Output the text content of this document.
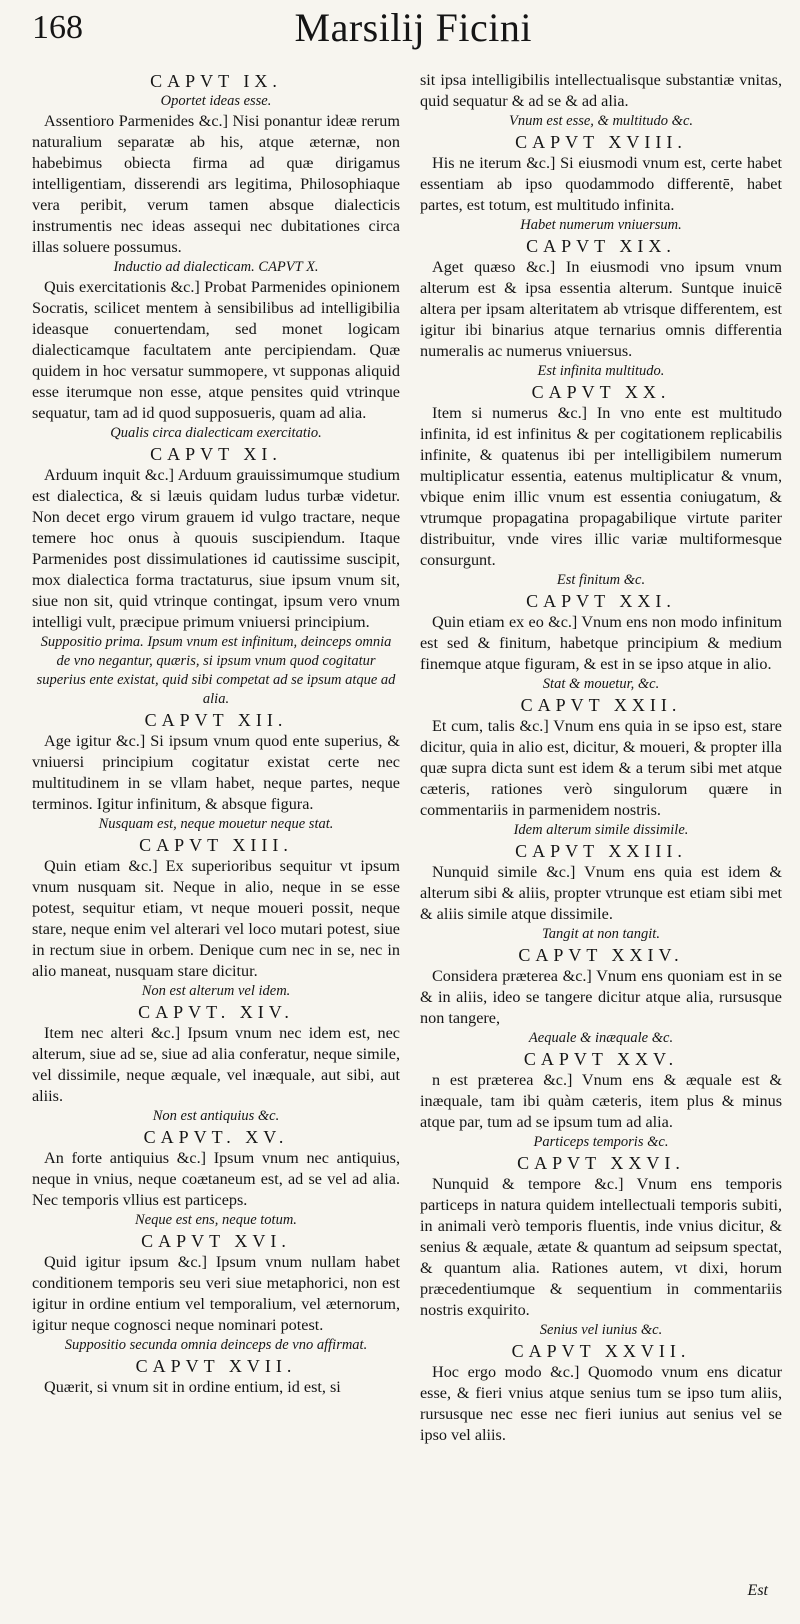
168	Marsilij Ficini
CAPVT IX.
Oportet ideas esse.

Assentioro Parmenides &c.] Nisi ponantur ideæ rerum naturalium separatæ ab his, atque æternæ, non habebimus obiecta firma ad quæ dirigamus intelligentiam, disserendi ars legitima, Philosophiaque vera peribit, verum tamen absque dialecticis instrumentis nec ideas assequi nec dubitationes circa illas soluere possumus.

Inductio ad dialecticam. CAPVT X.

Quis exercitationis &c.] Probat Parmenides opinionem Socratis, scilicet mentem à sensibilibus ad intelligibilia ideasque conuertendam, sed monet logicam dialecticamque facultatem ante percipiendam. Quæ quidem in hoc versatur summopere, vt supponas aliquid esse iterumque non esse, atque pensites quid vtrinque sequatur, tam ad id quod supposueris, quam ad alia.

Qualis circa dialecticam exercitatio.
CAPVT XI.

Arduum inquit &c.] Arduum grauissimumque studium est dialectica, & si læuis quidam ludus turbæ videtur. Non decet ergo virum grauem id vulgo tractare, neque temere hoc onus à quouis suscipiendum. Itaque Parmenides post dissimulationes id cautissime suscipit, mox dialectica forma tractaturus, siue ipsum vnum sit, siue non sit, quid vtrinque contingat, ipsum vero vnum intelligi vult, præcipue primum vniuersi principium.

Suppositio prima. Ipsum vnum est infinitum, deinceps omnia de vno negantur, quæris, si ipsum vnum quod cogitatur superius ente existat, quid sibi competat ad se ipsum atque ad alia.
CAPVT XII.

Age igitur &c.] Si ipsum vnum quod ente superius, & vniuersi principium cogitatur existat certe nec multitudinem in se vllam habet, neque partes, neque terminos. Igitur infinitum, & absque figura.

Nusquam est, neque mouetur neque stat.
CAPVT XIII.

Quin etiam &c.] Ex superioribus sequitur vt ipsum vnum nusquam sit. Neque in alio, neque in se esse potest, sequitur etiam, vt neque moueri possit, neque stare, neque enim vel alterari vel loco mutari potest, siue in rectum siue in orbem. Denique cum nec in se, nec in alio maneat, nusquam stare dicitur.

Non est alterum vel idem.
CAPVT. XIV.

Item nec alteri &c.] Ipsum vnum nec idem est, nec alterum, siue ad se, siue ad alia conferatur, neque simile, vel dissimile, neque æquale, vel inæquale, aut sibi, aut aliis.

Non est antiquius &c.
CAPVT. XV.

An forte antiquius &c.] Ipsum vnum nec antiquius, neque in vnius, neque coætaneum est, ad se vel ad alia. Nec temporis vllius est particeps.

Neque est ens, neque totum.
CAPVT XVI.

Quid igitur ipsum &c.] Ipsum vnum nullam habet conditionem temporis seu veri siue metaphorici, non est igitur in ordine entium vel temporalium, vel æternorum, igitur neque cognosci neque nominari potest.

Suppositio secunda omnia deinceps de vno affirmat.
CAPVT XVII.

Quærit, si vnum sit in ordine entium, id est, si

sit ipsa intelligibilis intellectualisque substantiæ vnitas, quid sequatur & ad se & ad alia.

Vnum est esse, & multitudo &c.
CAPVT XVIII.

His ne iterum &c.] Si eiusmodi vnum est, certe habet essentiam ab ipso quodammodo differentē, habet partes, est totum, est multitudo infinita.

Habet numerum vniuersum.
CAPVT XIX.

Aget quæso &c.] In eiusmodi vno ipsum vnum alterum est & ipsa essentia alterum. Suntque inuicē altera per ipsam alteritatem ab vtrisque differentem, est igitur ibi binarius atque ternarius omnis differentia numeralis ac numerus vniuersus.

Est infinita multitudo.
CAPVT XX.

Item si numerus &c.] In vno ente est multitudo infinita, id est infinitus & per cogitationem replicabilis infinite, & quatenus ibi per intelligibilem numerum multiplicatur essentia, eatenus multiplicatur & vnum, vbique enim illic vnum est essentia coniugatum, & vtrumque propagatina propagabilique virtute pariter distribuitur, vnde vires illic variæ multiformesque consurgunt.

Est finitum &c.
CAPVT XXI.

Quin etiam ex eo &c.] Vnum ens non modo infinitum est sed & finitum, habetque principium & medium finemque atque figuram, & est in se ipso atque in alio.

Stat & mouetur, &c.
CAPVT XXII.

Et cum, talis &c.] Vnum ens quia in se ipso est, stare dicitur, quia in alio est, dicitur, & moueri, & propter illa quæ supra dicta sunt est idem & a terum sibi met atque cæteris, rationes verò singulorum quære in commentariis in parmenidem nostris.

Idem alterum simile dissimile.
CAPVT XXIII.

Nunquid simile &c.] Vnum ens quia est idem & alterum sibi & aliis, propter vtrunque est etiam sibi met & aliis simile atque dissimile.

Tangit at non tangit.
CAPVT XXIV.

Considera præterea &c.] Vnum ens quoniam est in se & in aliis, ideo se tangere dicitur atque alia, rursusque non tangere,

Aequale & inæquale &c.
CAPVT XXV.

n est præterea &c.] Vnum ens & æquale est & inæquale, tam ibi quàm cæteris, item plus & minus atque par, tum ad se ipsum tum ad alia.

Particeps temporis &c.
CAPVT XXVI.

Nunquid & tempore &c.] Vnum ens temporis particeps in natura quidem intellectuali temporis subiti, in animali verò temporis fluentis, inde vnius dicitur, & senius & æquale, ætate & quantum ad seipsum spectat, & quantum alia. Rationes autem, vt dixi, horum præcedentiumque & sequentium in commentariis nostris exquirito.

Senius vel iunius &c.
CAPVT XXVII.

Hoc ergo modo &c.] Quomodo vnum ens dicatur esse, & fieri vnius atque senius tum se ipso tum aliis, rursusque nec esse nec fieri iunius aut senius vel se ipso vel aliis.

Est
